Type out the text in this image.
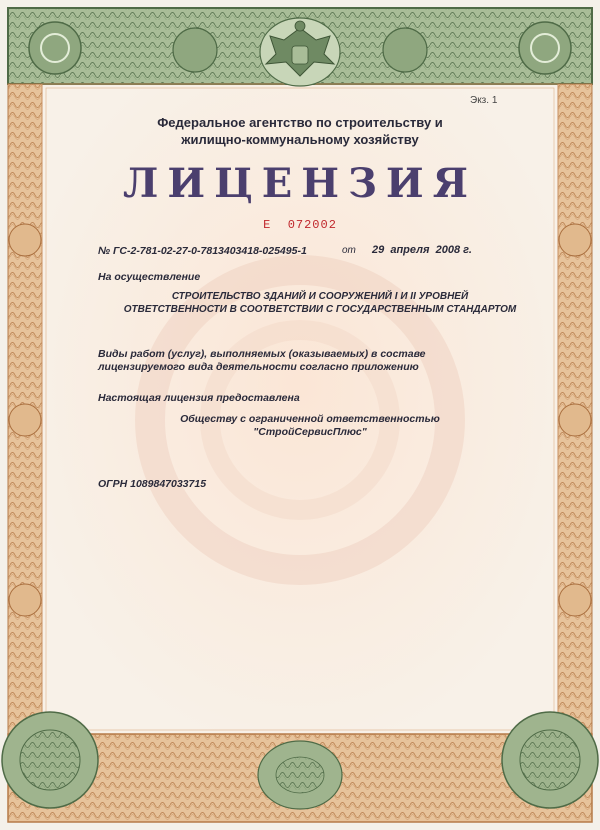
Экз. 1
Федеральное агентство по строительству и
жилищно-коммунальному хозяйству
ЛИЦЕНЗИЯ
Е  072002
№ ГС-2-781-02-27-0-7813403418-025495-1	от 29  апреля  2008 г.
На осуществление
СТРОИТЕЛЬСТВО ЗДАНИЙ И СООРУЖЕНИЙ I И II УРОВНЕЙ
ОТВЕТСТВЕННОСТИ В СООТВЕТСТВИИ С ГОСУДАРСТВЕННЫМ СТАНДАРТОМ
Виды работ (услуг), выполняемых (оказываемых) в составе
лицензируемого вида деятельности согласно приложению
Настоящая лицензия предоставлена
Обществу с ограниченной ответственностью
"СтройСервисПлюс"
ОГРН 1089847033715
